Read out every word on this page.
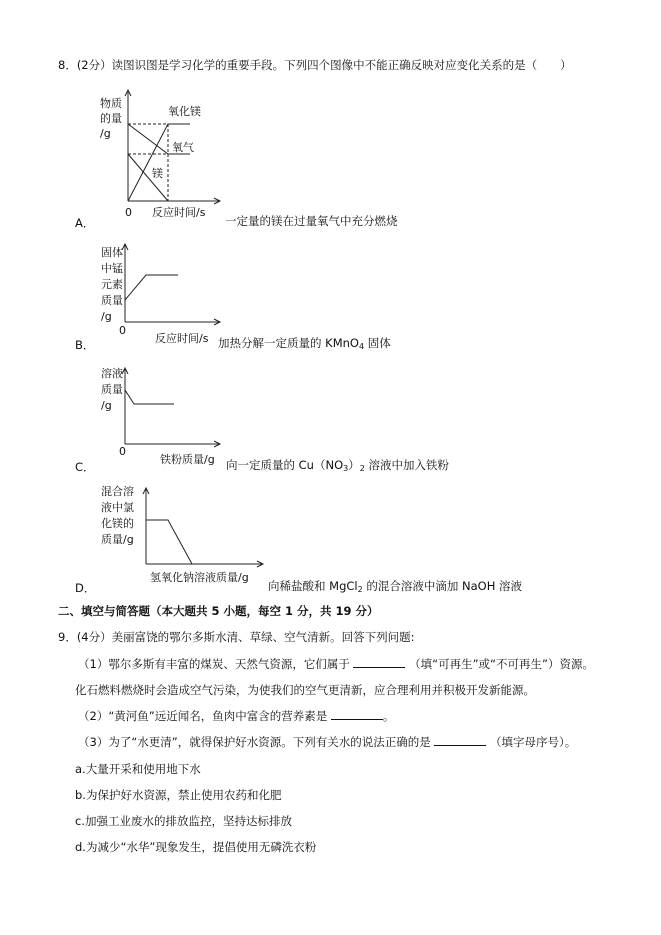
8．(2分）读图识图是学习化学的重要手段。下列四个图像中不能正确反映对应变化关系的是（　　）
物质
的量
/g
氧化镁
氧气
镁
0 反应时间/s
A．	一定量的镁在过量氧气中充分燃烧
固体
中锰
元素
质量
/g
0
反应时间/s
B．	加热分解一定质量的 KMnO$_4$ 固体
溶液
质量
/g
0
铁粉质量/g
C．	向一定质量的 $Cu(NO_3)_2$ 溶液中加入铁粉
混合溶
液中氯
化镁的
质量/g
氢氧化钠溶液质量/g
D．	向稀盐酸和 MgCl$_2$ 的混合溶液中滴加 NaOH 溶液
二、填空与简答题（本大题共 5 小题，每空 1 分，共 19 分）
9．(4分）美丽富饶的鄂尔多斯水清、草绿、空气清新。回答下列问题:
（1）鄂尔多斯有丰富的煤炭、天然气资源，它们属于	（填“可再生”或“不可再生”）资源。
化石燃料燃烧时会造成空气污染，为使我们的空气更清新，应合理利用并积极开发新能源。
（2）“黄河鱼”远近闻名，鱼肉中富含的营养素是	。
（3）为了“水更清”，就得保护好水资源。下列有关水的说法正确的是	（填字母序号）。
a.大量开采和使用地下水
b.为保护好水资源，禁止使用农药和化肥
c.加强工业废水的排放监控，坚持达标排放
d.为减少“水华”现象发生，提倡使用无磷洗衣粉
